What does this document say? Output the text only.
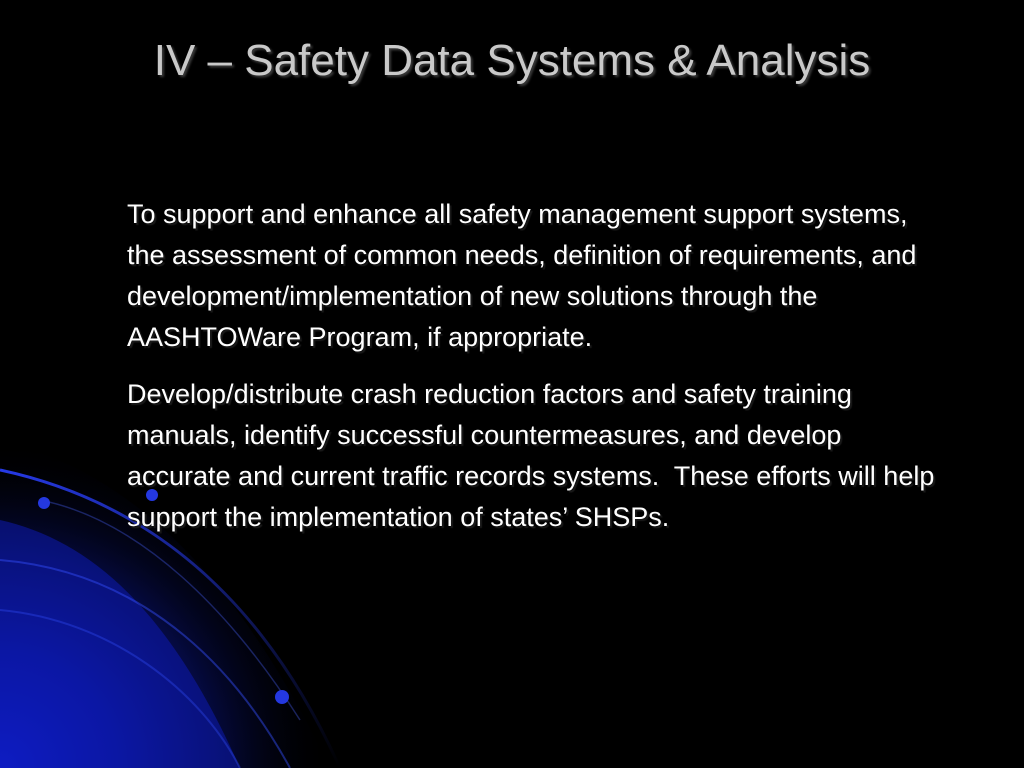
IV – Safety Data Systems & Analysis
To support and enhance all safety management support systems, the assessment of common needs, definition of requirements, and development/implementation of new solutions through the AASHTOWare Program, if appropriate.
Develop/distribute crash reduction factors and safety training manuals, identify successful countermeasures, and develop accurate and current traffic records systems.  These efforts will help support the implementation of states’ SHSPs.
